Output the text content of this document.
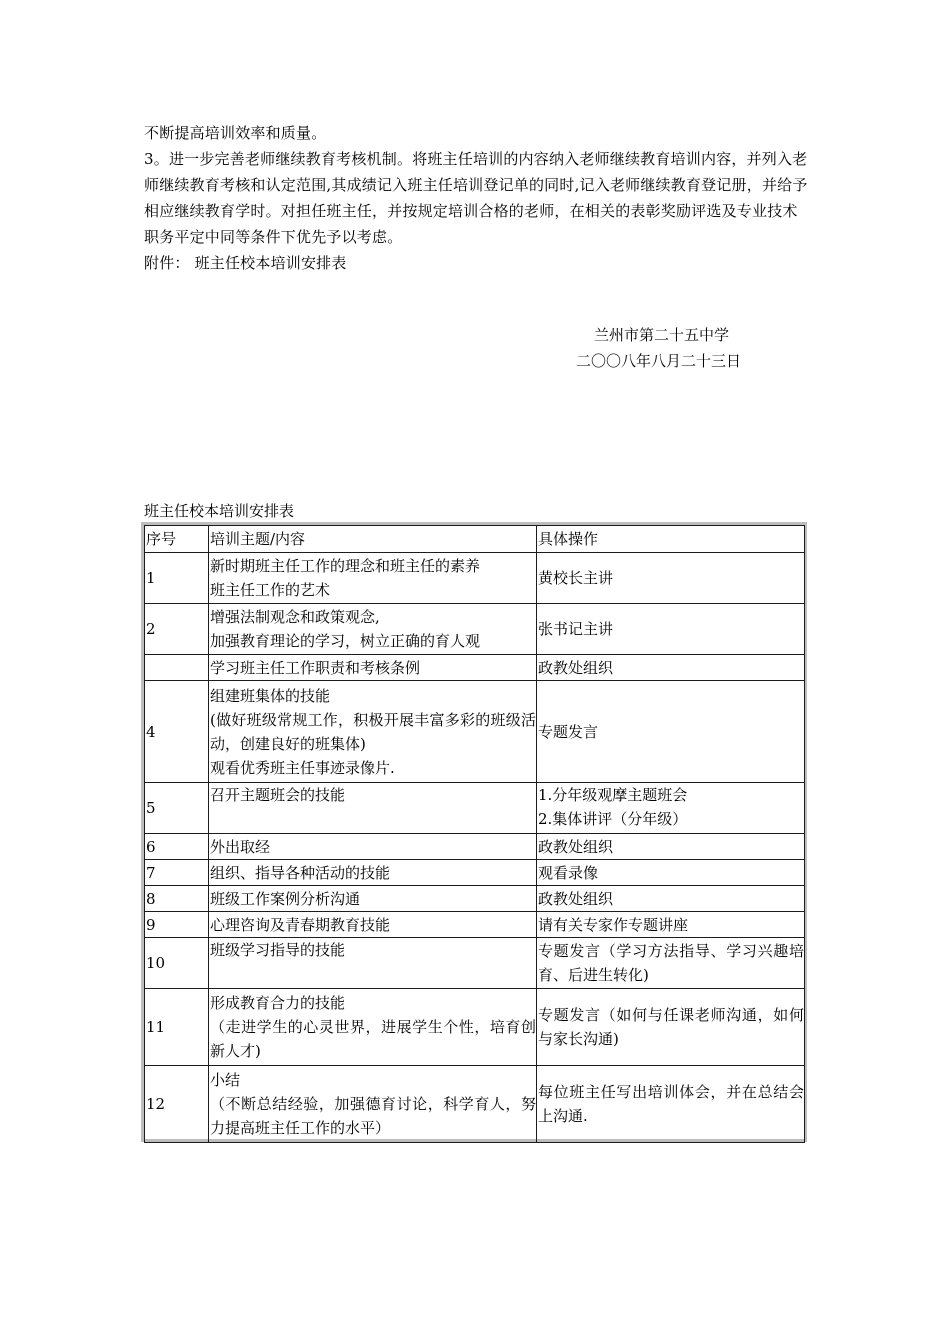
不断提高培训效率和质量。
3。进一步完善老师继续教育考核机制。将班主任培训的内容纳入老师继续教育培训内容，并列入老师继续教育考核和认定范围,其成绩记入班主任培训登记单的同时,记入老师继续教育登记册，并给予相应继续教育学时。对担任班主任，并按规定培训合格的老师，在相关的表彰奖励评选及专业技术职务平定中同等条件下优先予以考虑。
附件： 班主任校本培训安排表
兰州市第二十五中学
二〇〇八年八月二十三日
班主任校本培训安排表
序号	培训主题/内容	具体操作
1	新时期班主任工作的理念和班主任的素养
班主任工作的艺术	黄校长主讲

2	增强法制观念和政策观念,
加强教育理论的学习，树立正确的育人观	张书记主讲

	学习班主任工作职责和考核条例	政教处组织

4	组建班集体的技能
(做好班级常规工作，积极开展丰富多彩的班级活动，创建良好的班集体)
观看优秀班主任事迹录像片.	专题发言

5	召开主题班会的技能	1.分年级观摩主题班会
2.集体讲评（分年级）

6	外出取经	政教处组织

7	组织、指导各种活动的技能	观看录像

8	班级工作案例分析沟通	政教处组织

9	心理咨询及青春期教育技能	请有关专家作专题讲座

10	班级学习指导的技能	专题发言（学习方法指导、学习兴趣培育、后进生转化)

11	形成教育合力的技能
（走进学生的心灵世界，进展学生个性，培育创新人才)	专题发言（如何与任课老师沟通，如何与家长沟通)

12	小结
（不断总结经验，加强德育讨论，科学育人，努力提高班主任工作的水平）	每位班主任写出培训体会，并在总结会上沟通.
